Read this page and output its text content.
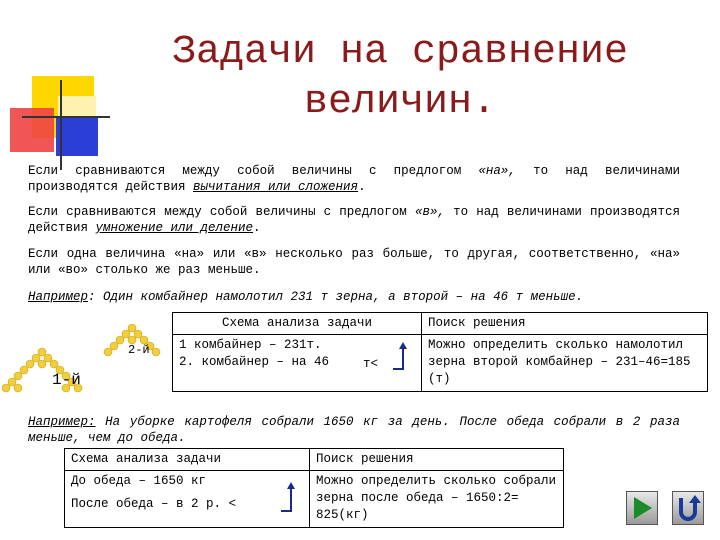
Задачи на сравнение
величин.
Если сравниваются между собой величины с предлогом «на», то над величинами производятся действия вычитания или сложения.
Если сравниваются между собой величины с предлогом «в», то над величинами производятся действия умножение или деление.
Если одна величина «на» или «в» несколько раз больше, то другая, соответственно, «на» или «во» столько же раз меньше.
Например: Один комбайнер намолотил 231 т зерна, а второй – на 46 т меньше.
2-й
1-й
Схема анализа задачи	Поиск решения

1 комбайнер – 231т.
2. комбайнер – на 46 т<	Можно определить сколько намолотил зерна второй комбайнер – 231–46=185 (т)
Например: На уборке картофеля собрали 1650 кг за день. После обеда собрали в 2 раза меньше, чем до обеда.
Схема анализа задачи	Поиск решения

До обеда – 1650 кг
После обеда – в 2 р. <	Можно определить сколько собрали зерна после обеда – 1650:2= 825(кг)
